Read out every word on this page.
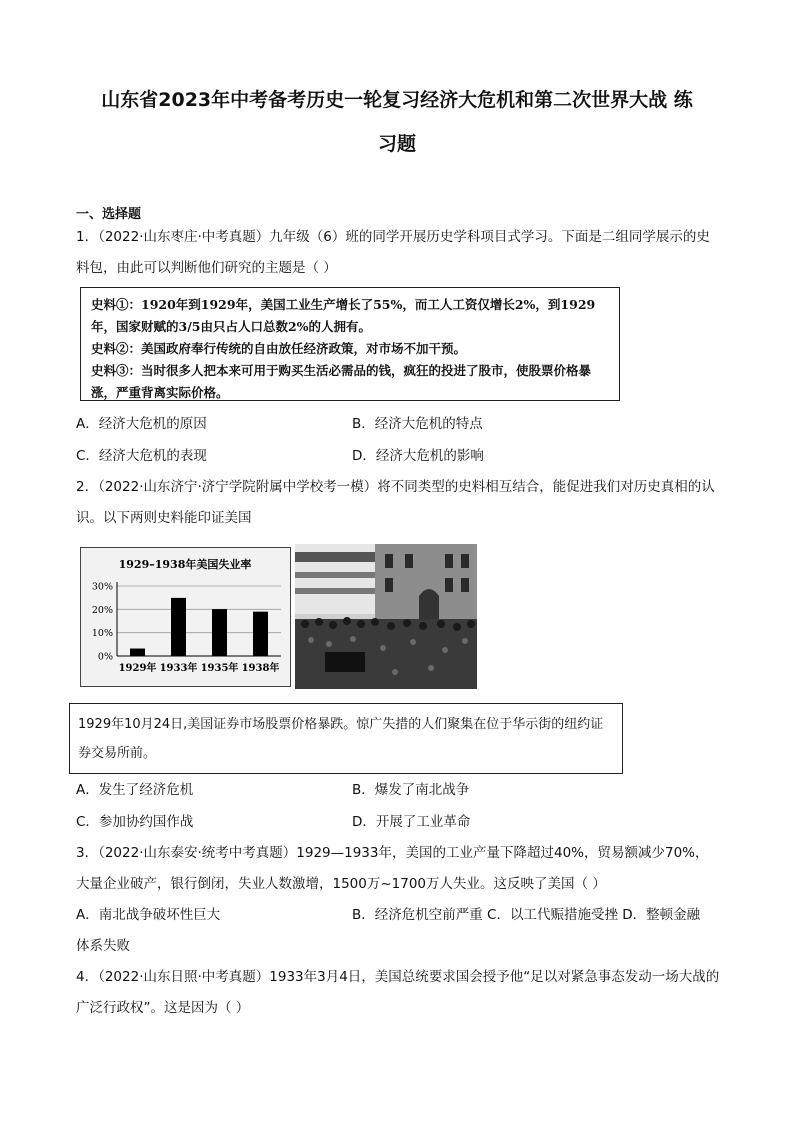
山东省2023年中考备考历史一轮复习经济大危机和第二次世界大战 练
习题
一、选择题
1．（2022·山东枣庄·中考真题）九年级（6）班的同学开展历史学科项目式学习。下面是二组同学展示的史料包，由此可以判断他们研究的主题是（ ）

史料①：1920年到1929年，美国工业生产增长了55%，而工人工资仅增长2%，到1929年，国家财赋的3/5由只占人口总数2%的人拥有。

史料②：美国政府奉行传统的自由放任经济政策，对市场不加干预。

史料③：当时很多人把本来可用于购买生活必需品的钱，疯狂的投进了股市，使股票价格暴涨，严重背离实际价格。

A．经济大危机的原因	B．经济大危机的特点
C．经济大危机的表现	D．经济大危机的影响
2．（2022·山东济宁·济宁学院附属中学校考一模）将不同类型的史料相互结合，能促进我们对历史真相的认识。以下两则史料能印证美国
1929–1938年美国失业率
0%
10%
20%
30%
1929年 1933年 1935年 1938年
1929年10月24日,美国证券市场股票价格暴跌。惊广失措的人们聚集在位于华示街的纽约证券交易所前。
A．发生了经济危机	B．爆发了南北战争
C．参加协约国作战	D．开展了工业革命
3．（2022·山东泰安·统考中考真题）1929—1933年，美国的工业产量下降超过40%，贸易额减少70%，大量企业破产，银行倒闭，失业人数激增，1500万~1700万人失业。这反映了美国（ ）
A．南北战争破坏性巨大	B．经济危机空前严重 C．以工代赈措施受挫 D．整顿金融
体系失败
4．（2022·山东日照·中考真题）1933年3月4日，美国总统要求国会授予他“足以对紧急事态发动一场大战的广泛行政权”。这是因为（ ）
